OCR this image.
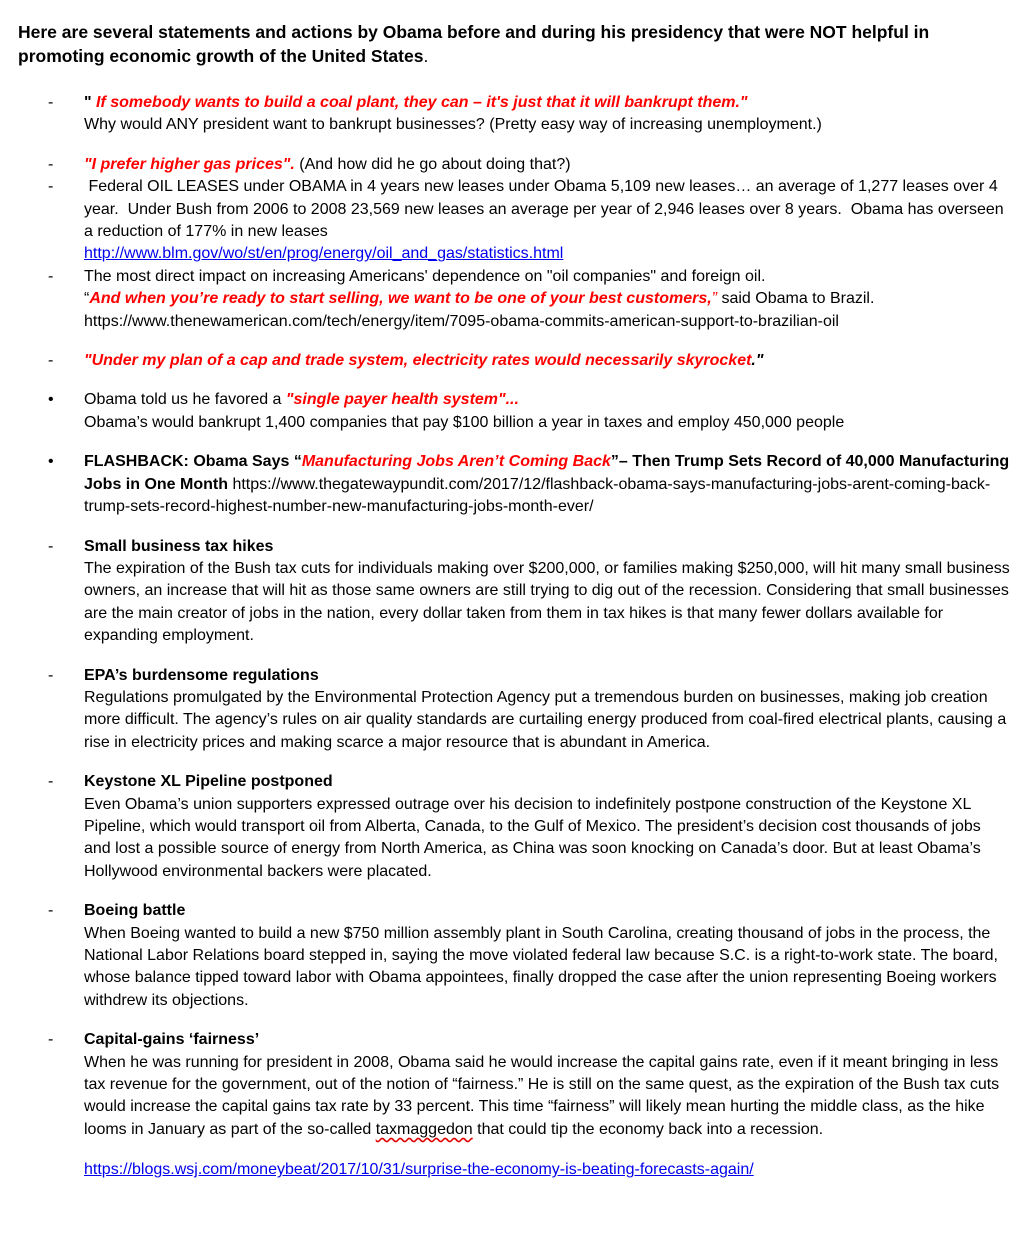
Here are several statements and actions by Obama before and during his presidency that were NOT helpful in promoting economic growth of the United States.
-	" If somebody wants to build a coal plant, they can – it's just that it will bankrupt them."
Why would ANY president want to bankrupt businesses? (Pretty easy way of increasing unemployment.)
-	"I prefer higher gas prices". (And how did he go about doing that?)
-	Federal OIL LEASES under OBAMA in 4 years new leases under Obama 5,109 new leases… an average of 1,277 leases over 4 year.  Under Bush from 2006 to 2008 23,569 new leases an average per year of 2,946 leases over 8 years.  Obama has overseen a reduction of 177% in new leases
http://www.blm.gov/wo/st/en/prog/energy/oil_and_gas/statistics.html
-	The most direct impact on increasing Americans' dependence on "oil companies" and foreign oil.
“And when you’re ready to start selling, we want to be one of your best customers,” said Obama to Brazil.
https://www.thenewamerican.com/tech/energy/item/7095-obama-commits-american-support-to-brazilian-oil
-	"Under my plan of a cap and trade system, electricity rates would necessarily skyrocket."
•	Obama told us he favored a "single payer health system"...
Obama’s would bankrupt 1,400 companies that pay $100 billion a year in taxes and employ 450,000 people
•	FLASHBACK: Obama Says “Manufacturing Jobs Aren’t Coming Back”– Then Trump Sets Record of 40,000 Manufacturing Jobs in One Month https://www.thegatewaypundit.com/2017/12/flashback-obama-says-manufacturing-jobs-arent-coming-back-trump-sets-record-highest-number-new-manufacturing-jobs-month-ever/
-	Small business tax hikes
The expiration of the Bush tax cuts for individuals making over $200,000, or families making $250,000, will hit many small business owners, an increase that will hit as those same owners are still trying to dig out of the recession. Considering that small businesses are the main creator of jobs in the nation, every dollar taken from them in tax hikes is that many fewer dollars available for expanding employment.
-	EPA’s burdensome regulations
Regulations promulgated by the Environmental Protection Agency put a tremendous burden on businesses, making job creation more difficult. The agency’s rules on air quality standards are curtailing energy produced from coal-fired electrical plants, causing a rise in electricity prices and making scarce a major resource that is abundant in America.
-	Keystone XL Pipeline postponed
Even Obama’s union supporters expressed outrage over his decision to indefinitely postpone construction of the Keystone XL Pipeline, which would transport oil from Alberta, Canada, to the Gulf of Mexico. The president’s decision cost thousands of jobs and lost a possible source of energy from North America, as China was soon knocking on Canada’s door. But at least Obama’s Hollywood environmental backers were placated.
-	Boeing battle
When Boeing wanted to build a new $750 million assembly plant in South Carolina, creating thousand of jobs in the process, the National Labor Relations board stepped in, saying the move violated federal law because S.C. is a right-to-work state. The board, whose balance tipped toward labor with Obama appointees, finally dropped the case after the union representing Boeing workers withdrew its objections.
-	Capital-gains ‘fairness’
When he was running for president in 2008, Obama said he would increase the capital gains rate, even if it meant bringing in less tax revenue for the government, out of the notion of “fairness.” He is still on the same quest, as the expiration of the Bush tax cuts would increase the capital gains tax rate by 33 percent. This time “fairness” will likely mean hurting the middle class, as the hike looms in January as part of the so-called taxmaggedon that could tip the economy back into a recession.
https://blogs.wsj.com/moneybeat/2017/10/31/surprise-the-economy-is-beating-forecasts-again/
